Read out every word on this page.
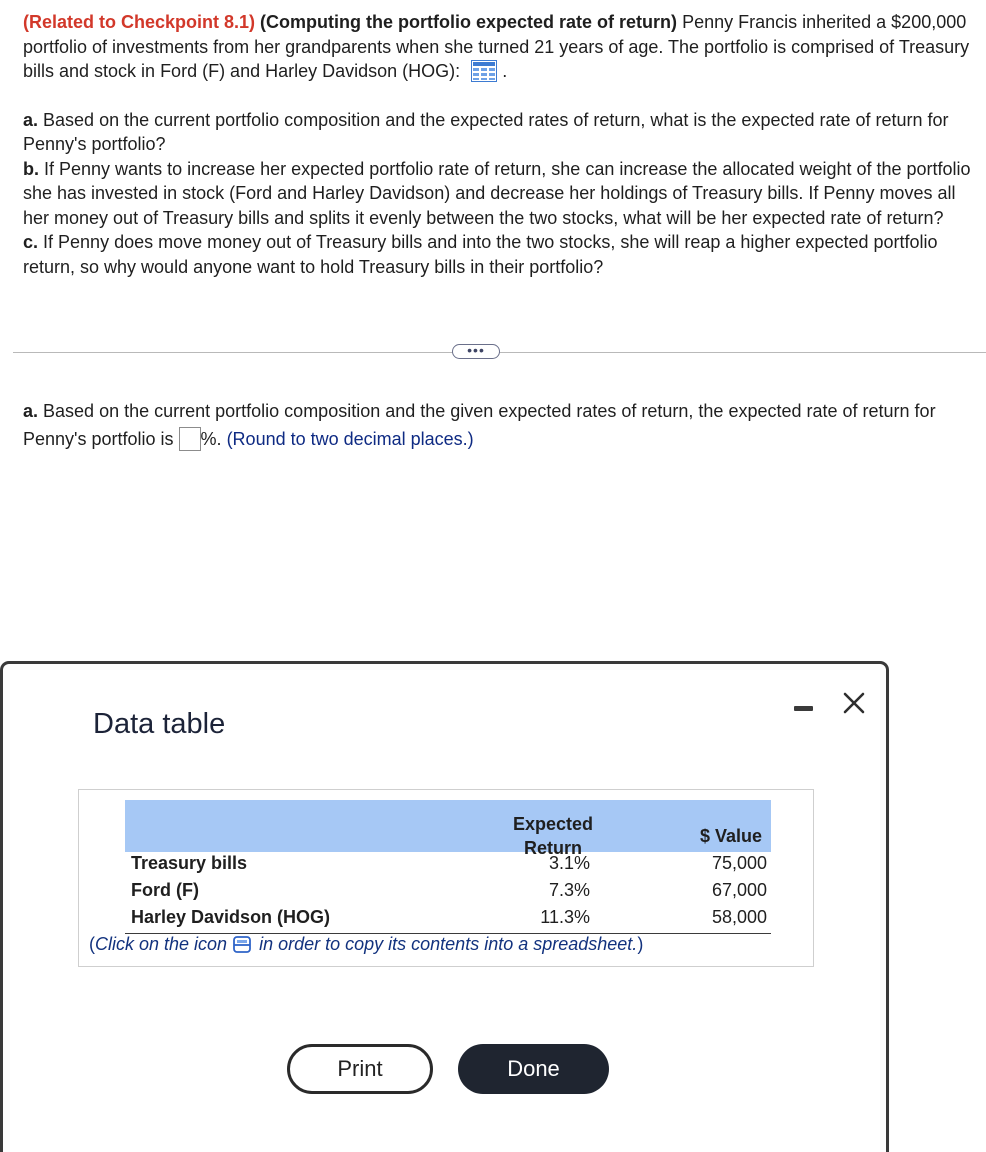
(Related to Checkpoint 8.1) (Computing the portfolio expected rate of return) Penny Francis inherited a $200,000 portfolio of investments from her grandparents when she turned 21 years of age. The portfolio is comprised of Treasury bills and stock in Ford (F) and Harley Davidson (HOG): .

a. Based on the current portfolio composition and the expected rates of return, what is the expected rate of return for Penny's portfolio?

b. If Penny wants to increase her expected portfolio rate of return, she can increase the allocated weight of the portfolio she has invested in stock (Ford and Harley Davidson) and decrease her holdings of Treasury bills. If Penny moves all her money out of Treasury bills and splits it evenly between the two stocks, what will be her expected rate of return?

c. If Penny does move money out of Treasury bills and into the two stocks, she will reap a higher expected portfolio return, so why would anyone want to hold Treasury bills in their portfolio?

•••

a. Based on the current portfolio composition and the given expected rates of return, the expected rate of return for Penny's portfolio is %. (Round to two decimal places.)

Data table
Expected Return
$ Value
Treasury bills	3.1%	75,000
Ford (F)	7.3%	67,000
Harley Davidson (HOG)	11.3%	58,000
(Click on the icon in order to copy its contents into a spreadsheet.)
Print	Done
